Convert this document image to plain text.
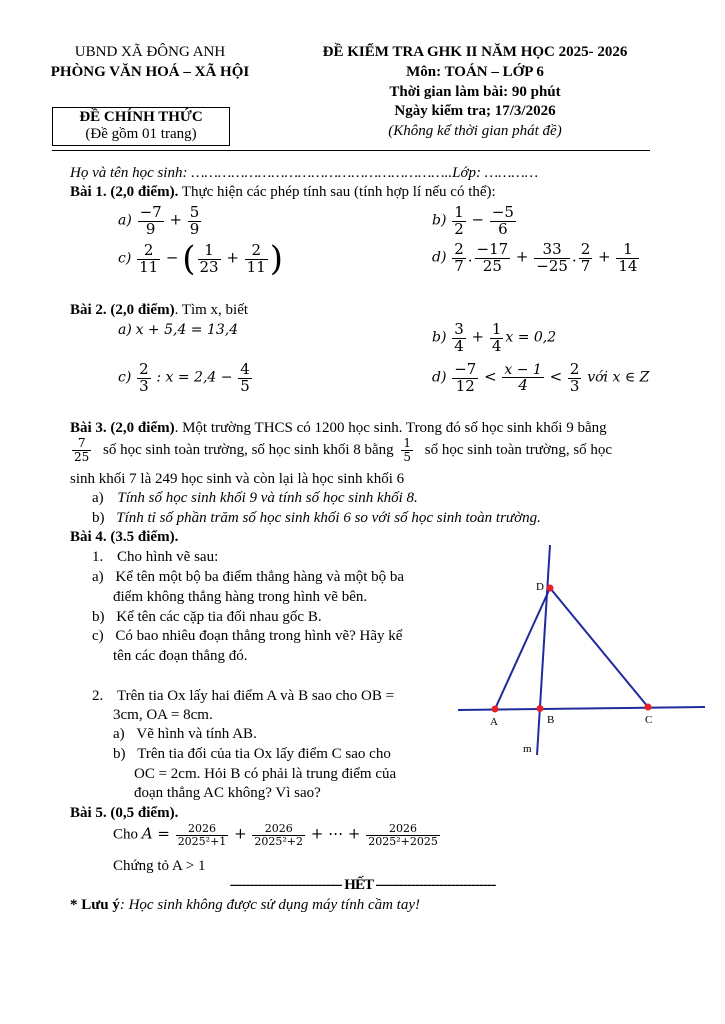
UBND XÃ ĐÔNG ANH
PHÒNG VĂN HOÁ – XÃ HỘI
ĐỀ CHÍNH THỨC
(Đề gồm 01 trang)
ĐỀ KIỂM TRA GHK II NĂM HỌC 2025- 2026
Môn: TOÁN – LỚP 6
Thời gian làm bài: 90 phút
Ngày kiểm tra; 17/3/2026
(Không kể thời gian phát đề)
Họ và tên học sinh: …………………………………………………..Lớp: …………
Bài 1. (2,0 điểm). Thực hiện các phép tính sau (tính hợp lí nếu có thể):
$a) \frac{-7}{9} + \frac{5}{9}$	$b) \frac{1}{2} - \frac{-5}{6}$
$c) \frac{2}{11}$ − ( $\frac{1}{23} + \frac{2}{11}$ )	$d) \frac{2}{7}$ . $\frac{-17}{25} + \frac{33}{-25}$ . $\frac{2}{7} + \frac{1}{14}$
Bài 2. (2,0 điểm). Tìm x, biết
a) x + 5,4 = 13,4	$b) \frac{3}{4} + \frac{1}{4}$ x = 0,2
$c) \frac{2}{3}$ : $x = 2,4 - \frac{4}{5}$	$d) \frac{-7}{12} < \frac{x - 1}{4} < \frac{2}{3}$ với x ∈ Z
Bài 3. (2,0 điểm). Một trường THCS có 1200 học sinh. Trong đó số học sinh khối 9 bằng
$\frac{7}{25}$ số học sinh toàn trường, số học sinh khối 8 bằng $\frac{1}{5}$ số học sinh toàn trường, số học
sinh khối 7 là 249 học sinh và còn lại là học sinh khối 6
a) Tính số học sinh khối 9 và tính số học sinh khối 8.
b) Tính tỉ số phần trăm số học sinh khối 6 so với số học sinh toàn trường.
Bài 4. (3.5 điểm).
1. Cho hình vẽ sau:
a) Kể tên một bộ ba điểm thẳng hàng và một bộ ba
điểm không thẳng hàng trong hình vẽ bên.
b) Kể tên các cặp tia đối nhau gốc B.
c) Có bao nhiêu đoạn thẳng trong hình vẽ? Hãy kể
tên các đoạn thẳng đó.
2. Trên tia Ox lấy hai điểm A và B sao cho OB =
3cm, OA = 8cm.
a) Vẽ hình và tính AB.
b) Trên tia đối của tia Ox lấy điểm C sao cho
OC = 2cm. Hỏi B có phải là trung điểm của
đoạn thẳng AC không? Vì sao?
D
A	B	C
m
Bài 5. (0,5 điểm).
Cho $A = \frac{2026}{\text{2025²+1}} + \frac{2026}{\text{2025²+2}}$ + ⋯ + $\frac{2026}{\text{2025²+2025}}$
Chứng tỏ A > 1
---------------------------- HẾT ------------------------------
* Lưu ý: Học sinh không được sử dụng máy tính cầm tay!
